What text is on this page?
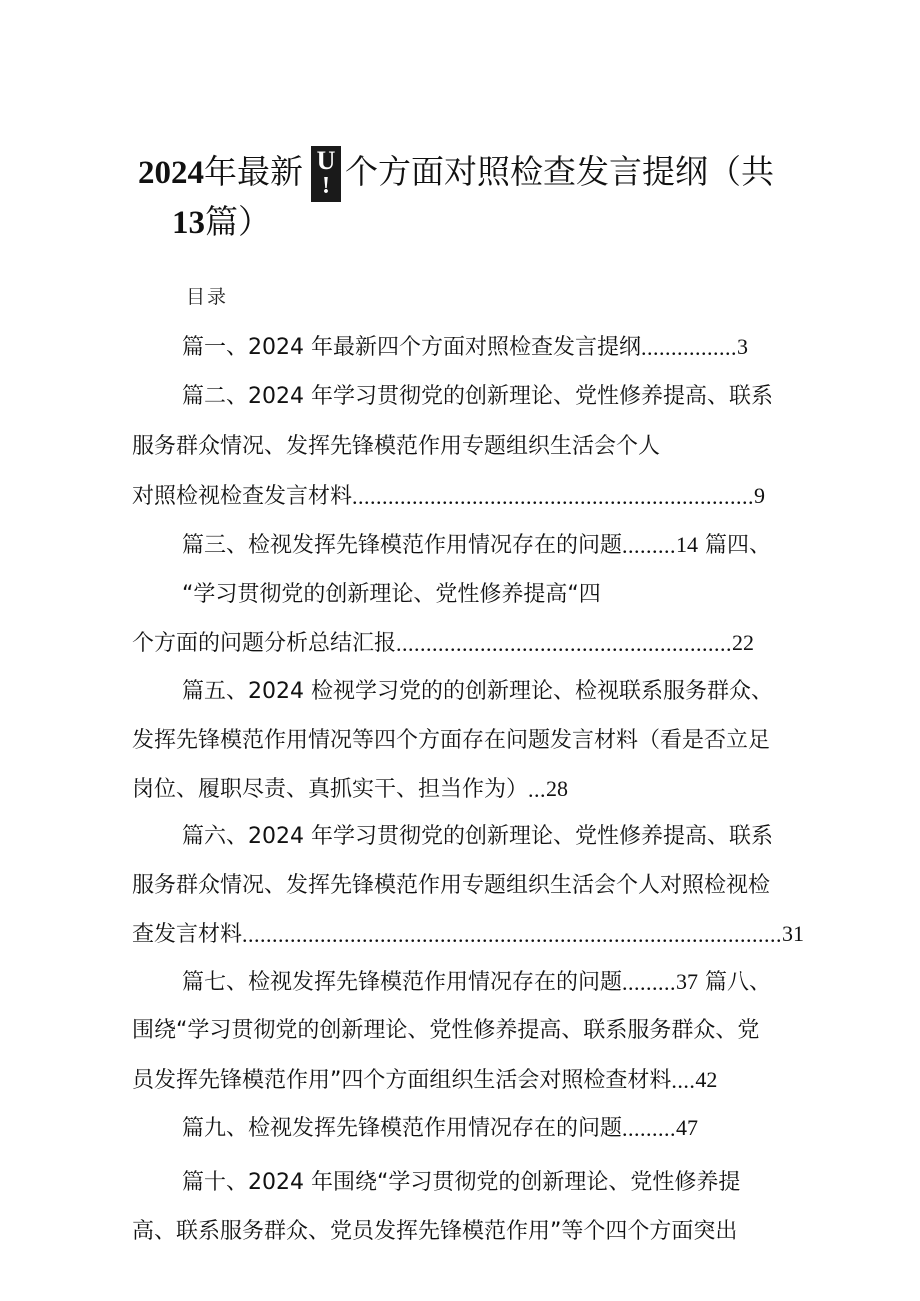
2024年最新 U
! 个方面对照检查发言提纲（共
13篇）
目录
篇一、2024 年最新四个方面对照检查发言提纲................3
篇二、2024 年学习贯彻党的创新理论、党性修养提高、联系
服务群众情况、发挥先锋模范作用专题组织生活会个人
对照检视检查发言材料...................................................................9
篇三、检视发挥先锋模范作用情况存在的问题.........14 篇四、
“学习贯彻党的创新理论、党性修养提高“四
个方面的问题分析总结汇报........................................................22
篇五、2024 检视学习党的的创新理论、检视联系服务群众、
发挥先锋模范作用情况等四个方面存在问题发言材料（看是否立足
岗位、履职尽责、真抓实干、担当作为）...28
篇六、2024 年学习贯彻党的创新理论、党性修养提高、联系
服务群众情况、发挥先锋模范作用专题组织生活会个人对照检视检
查发言材料..........................................................................................31
篇七、检视发挥先锋模范作用情况存在的问题.........37 篇八、
围绕“学习贯彻党的创新理论、党性修养提高、联系服务群众、党
员发挥先锋模范作用”四个方面组织生活会对照检查材料....42
篇九、检视发挥先锋模范作用情况存在的问题.........47
篇十、2024 年围绕“学习贯彻党的创新理论、党性修养提
高、联系服务群众、党员发挥先锋模范作用”等个四个方面突出
